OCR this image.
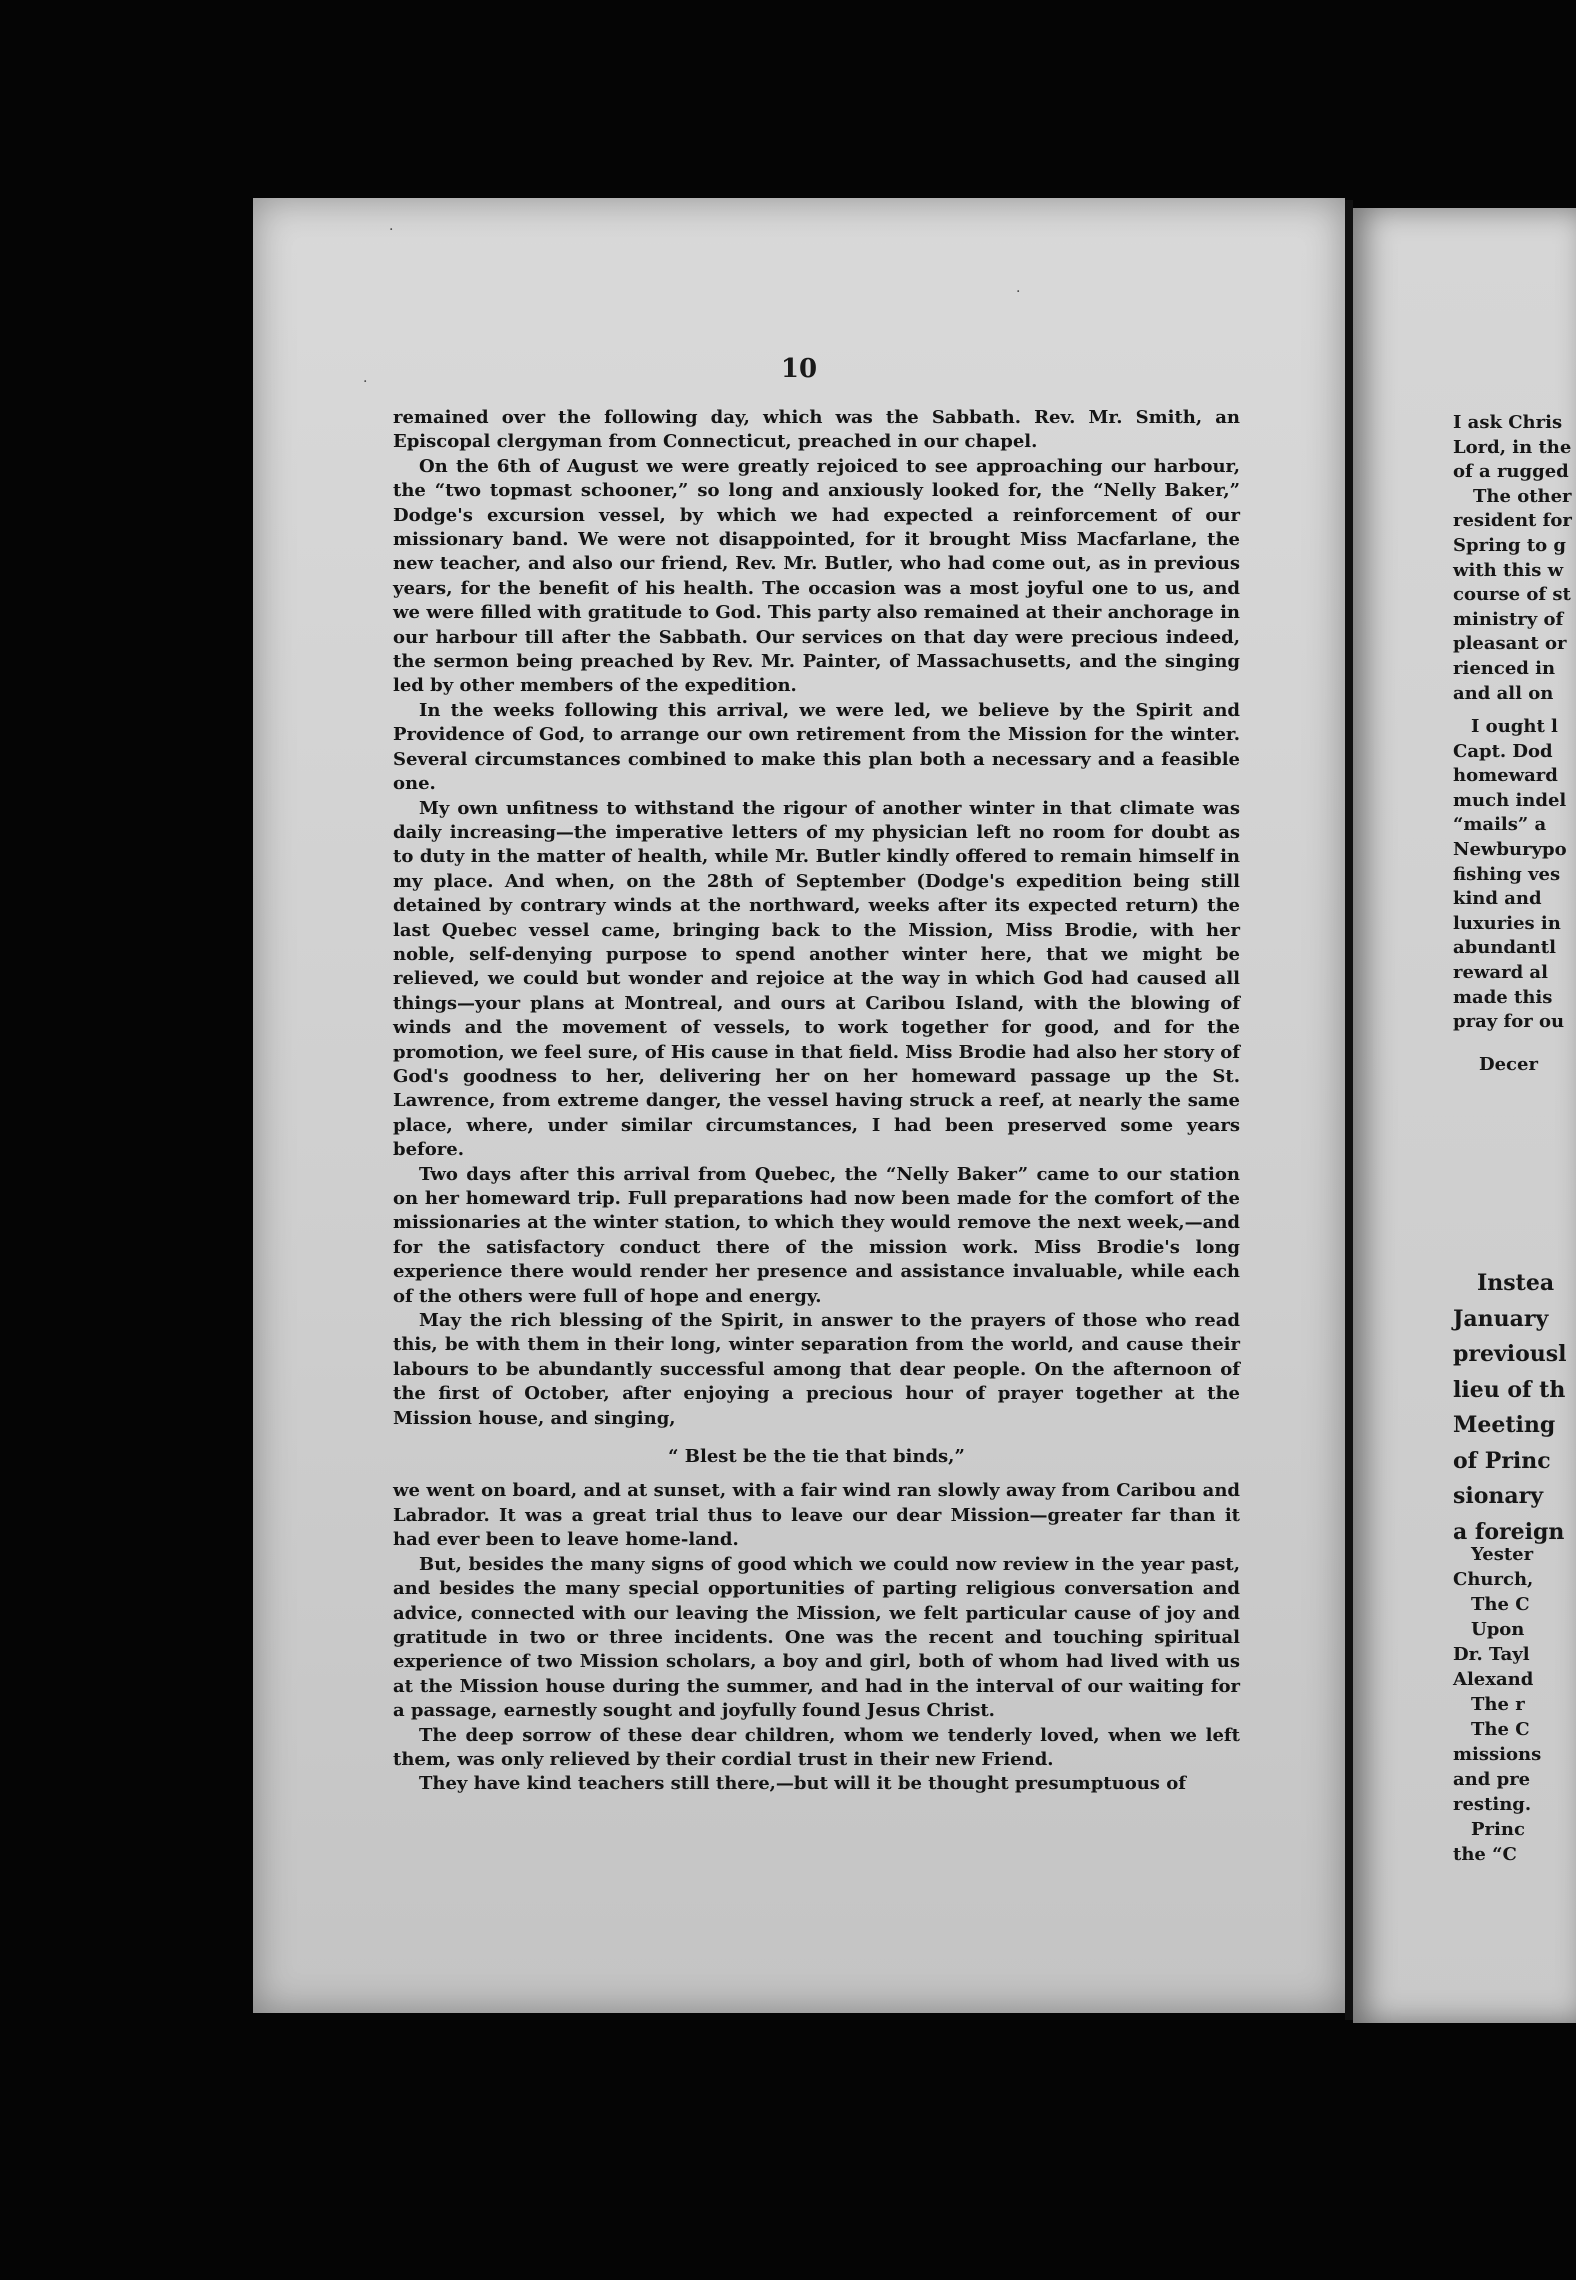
10

remained over the following day, which was the Sabbath. Rev. Mr. Smith, an Episcopal clergyman from Connecticut, preached in our chapel.

On the 6th of August we were greatly rejoiced to see approaching our harbour, the “two topmast schooner,” so long and anxiously looked for, the “Nelly Baker,” Dodge's excursion vessel, by which we had expected a reinforcement of our missionary band. We were not disappointed, for it brought Miss Macfarlane, the new teacher, and also our friend, Rev. Mr. Butler, who had come out, as in previous years, for the benefit of his health. The occasion was a most joyful one to us, and we were filled with gratitude to God. This party also remained at their anchorage in our harbour till after the Sabbath. Our services on that day were precious indeed, the sermon being preached by Rev. Mr. Painter, of Massachusetts, and the singing led by other members of the expedition.

In the weeks following this arrival, we were led, we believe by the Spirit and Providence of God, to arrange our own retirement from the Mission for the winter. Several circumstances combined to make this plan both a necessary and a feasible one.

My own unfitness to withstand the rigour of another winter in that climate was daily increasing—the imperative letters of my physician left no room for doubt as to duty in the matter of health, while Mr. Butler kindly offered to remain himself in my place. And when, on the 28th of September (Dodge's expedition being still detained by contrary winds at the northward, weeks after its expected return) the last Quebec vessel came, bringing back to the Mission, Miss Brodie, with her noble, self-denying purpose to spend another winter here, that we might be relieved, we could but wonder and rejoice at the way in which God had caused all things—your plans at Montreal, and ours at Caribou Island, with the blowing of winds and the movement of vessels, to work together for good, and for the promotion, we feel sure, of His cause in that field. Miss Brodie had also her story of God's goodness to her, delivering her on her homeward passage up the St. Lawrence, from extreme danger, the vessel having struck a reef, at nearly the same place, where, under similar circumstances, I had been preserved some years before.

Two days after this arrival from Quebec, the “Nelly Baker” came to our station on her homeward trip. Full preparations had now been made for the comfort of the missionaries at the winter station, to which they would remove the next week,—and for the satisfactory conduct there of the mission work. Miss Brodie's long experience there would render her presence and assistance invaluable, while each of the others were full of hope and energy.

May the rich blessing of the Spirit, in answer to the prayers of those who read this, be with them in their long, winter separation from the world, and cause their labours to be abundantly successful among that dear people. On the afternoon of the first of October, after enjoying a precious hour of prayer together at the Mission house, and singing,

“ Blest be the tie that binds,”

we went on board, and at sunset, with a fair wind ran slowly away from Caribou and Labrador. It was a great trial thus to leave our dear Mission—greater far than it had ever been to leave home-land.

But, besides the many signs of good which we could now review in the year past, and besides the many special opportunities of parting religious conversation and advice, connected with our leaving the Mission, we felt particular cause of joy and gratitude in two or three incidents. One was the recent and touching spiritual experience of two Mission scholars, a boy and girl, both of whom had lived with us at the Mission house during the summer, and had in the interval of our waiting for a passage, earnestly sought and joyfully found Jesus Christ.

The deep sorrow of these dear children, whom we tenderly loved, when we left them, was only relieved by their cordial trust in their new Friend.

They have kind teachers still there,—but will it be thought presumptuous of

·
·
·
I ask Chris
Lord, in the
of a rugged
The other
resident for
Spring to g
with this w
course of st
ministry of
pleasant or
rienced in
and all on
I ought l
Capt. Dod
homeward
much indel
“mails” a
Newburypo
fishing ves
kind and
luxuries in
abundantl
reward al
made this
pray for ou
Decer
Instea
January
previousl
lieu of th
Meeting
of Princ
sionary
a foreign
Yester
Church,
The C
Upon
Dr. Tayl
Alexand
The r
The C
missions
and pre
resting.
Princ
the “C
